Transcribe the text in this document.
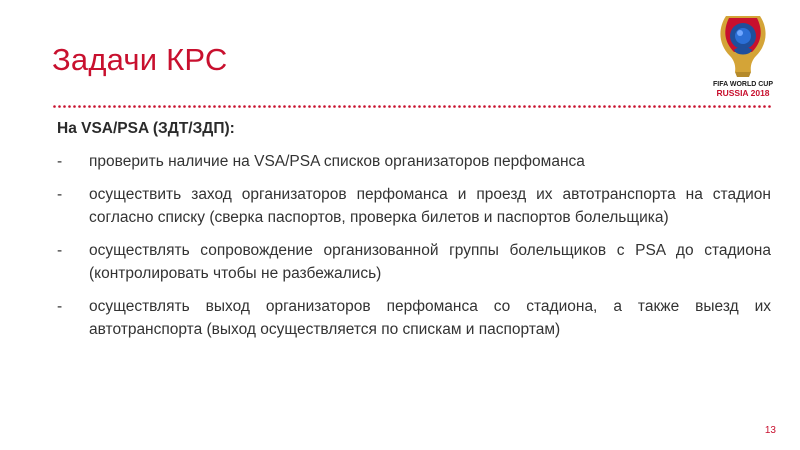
Задачи КРС
FIFA WORLD CUP
RUSSIA 2018
На VSA/PSA (ЗДТ/ЗДП):
- проверить наличие на VSA/PSA списков организаторов перфоманса
- осуществить заход организаторов перфоманса и проезд их автотранспорта на стадион согласно списку (сверка паспортов, проверка билетов и паспортов болельщика)
- осуществлять сопровождение организованной группы болельщиков с PSA до стадиона (контролировать чтобы не разбежались)
- осуществлять выход организаторов перфоманса со стадиона, а также выезд их автотранспорта (выход осуществляется по спискам и паспортам)
13
